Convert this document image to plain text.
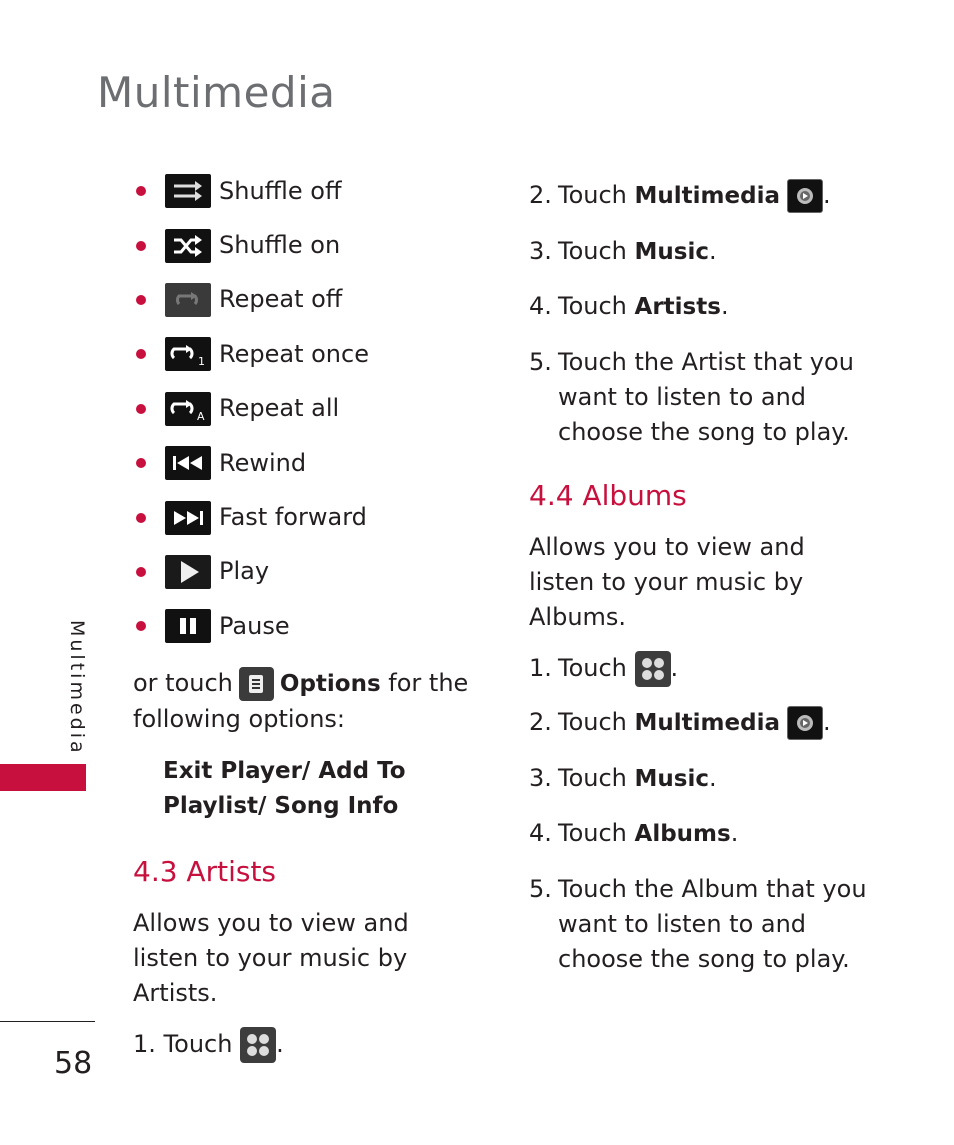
Multimedia
Multimedia
58
Shuffle off
Shuffle on
Repeat off
1 Repeat once
A Repeat all
Rewind
Fast forward
Play
Pause

or touch Options for the following options:

Exit Player/ Add To Playlist/ Song Info

4.3 Artists

Allows you to view and listen to your music by Artists.

1.
Touch
.
2. Touch Multimedia .
3. Touch Music.
4. Touch Artists.
5. Touch the Artist that you want to listen to and choose the song to play.
4.4 Albums

Allows you to view and listen to your music by Albums.

1. Touch .
2. Touch Multimedia .
3. Touch Music.
4. Touch Albums.
5. Touch the Album that you want to listen to and choose the song to play.
